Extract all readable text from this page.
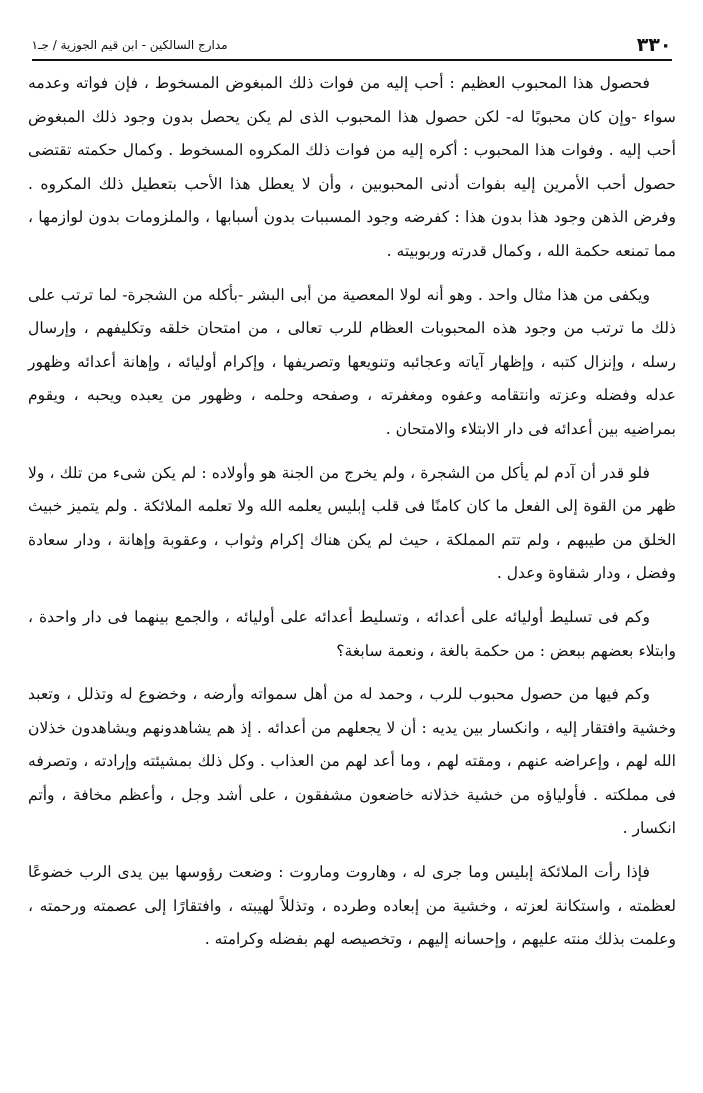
٣٣٠
مدارج السالكين - ابن قيم الجوزية / جـ١

فحصول هذا المحبوب العظيم : أحب إليه من فوات ذلك المبغوض المسخوط ، فإن فواته وعدمه سواء -وإن كان محبوبًا له- لكن حصول هذا المحبوب الذى لم يكن يحصل بدون وجود ذلك المبغوض أحب إليه . وفوات هذا المحبوب : أكره إليه من فوات ذلك المكروه المسخوط . وكمال حكمته تقتضى حصول أحب الأمرين إليه بفوات أدنى المحبوبين ، وأن لا يعطل هذا الأحب بتعطيل ذلك المكروه . وفرض الذهن وجود هذا بدون هذا : كفرضه وجود المسببات بدون أسبابها ، والملزومات بدون لوازمها ، مما تمنعه حكمة الله ، وكمال قدرته وربوبيته .

ويكفى من هذا مثال واحد . وهو أنه لولا المعصية من أبى البشر -بأكله من الشجرة- لما ترتب على ذلك ما ترتب من وجود هذه المحبوبات العظام للرب تعالى ، من امتحان خلقه وتكليفهم ، وإرسال رسله ، وإنزال كتبه ، وإظهار آياته وعجائبه وتنويعها وتصريفها ، وإكرام أوليائه ، وإهانة أعدائه وظهور عدله وفضله وعزته وانتقامه وعفوه ومغفرته ، وصفحه وحلمه ، وظهور من يعبده ويحبه ، ويقوم بمراضيه بين أعدائه فى دار الابتلاء والامتحان .

فلو قدر أن آدم لم يأكل من الشجرة ، ولم يخرج من الجنة هو وأولاده : لم يكن شىء من تلك ، ولا ظهر من القوة إلى الفعل ما كان كامنًا فى قلب إبليس يعلمه الله ولا تعلمه الملائكة . ولم يتميز خبيث الخلق من طيبهم ، ولم تتم المملكة ، حيث لم يكن هناك إكرام وثواب ، وعقوبة وإهانة ، ودار سعادة وفضل ، ودار شقاوة وعدل .

وكم فى تسليط أوليائه على أعدائه ، وتسليط أعدائه على أوليائه ، والجمع بينهما فى دار واحدة ، وابتلاء بعضهم ببعض : من حكمة بالغة ، ونعمة سابغة؟

وكم فيها من حصول محبوب للرب ، وحمد له من أهل سمواته وأرضه ، وخضوع له وتذلل ، وتعبد وخشية وافتقار إليه ، وانكسار بين يديه : أن لا يجعلهم من أعدائه . إذ هم يشاهدونهم ويشاهدون خذلان الله لهم ، وإعراضه عنهم ، ومقته لهم ، وما أعد لهم من العذاب . وكل ذلك بمشيئته وإرادته ، وتصرفه فى مملكته . فأولياؤه من خشية خذلانه خاضعون مشفقون ، على أشد وجل ، وأعظم مخافة ، وأتم انكسار .

فإذا رأت الملائكة إبليس وما جرى له ، وهاروت وماروت : وضعت رؤوسها بين يدى الرب خضوعًا لعظمته ، واستكانة لعزته ، وخشية من إبعاده وطرده ، وتذللاً لهيبته ، وافتقارًا إلى عصمته ورحمته ، وعلمت بذلك منته عليهم ، وإحسانه إليهم ، وتخصيصه لهم بفضله وكرامته .
